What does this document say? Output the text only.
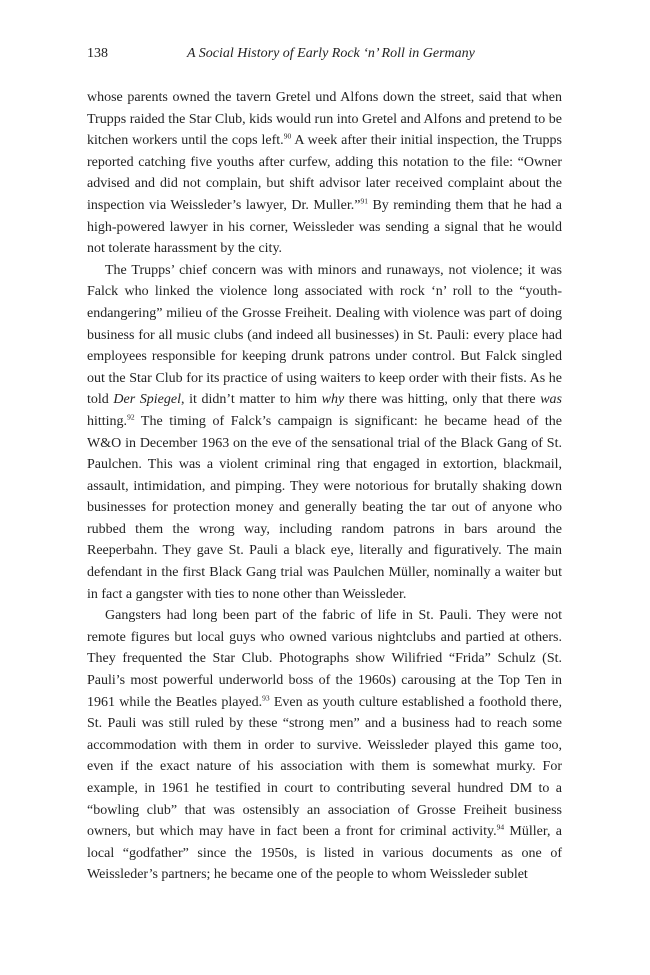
138	A Social History of Early Rock ‘n’ Roll in Germany

whose parents owned the tavern Gretel und Alfons down the street, said that when Trupps raided the Star Club, kids would run into Gretel and Alfons and pretend to be kitchen workers until the cops left.$^{90}$ A week after their initial inspection, the Trupps reported catching five youths after curfew, adding this notation to the file: “Owner advised and did not complain, but shift advisor later received complaint about the inspection via Weissleder’s lawyer, Dr. Muller.”$^{91}$ By reminding them that he had a high-powered lawyer in his corner, Weissleder was sending a signal that he would not tolerate harassment by the city.

The Trupps’ chief concern was with minors and runaways, not violence; it was Falck who linked the violence long associated with rock ‘n’ roll to the “youth-endangering” milieu of the Grosse Freiheit. Dealing with violence was part of doing business for all music clubs (and indeed all businesses) in St. Pauli: every place had employees responsible for keeping drunk patrons under control. But Falck singled out the Star Club for its practice of using waiters to keep order with their fists. As he told Der Spiegel, it didn’t matter to him why there was hitting, only that there was hitting.$^{92}$ The timing of Falck’s campaign is significant: he became head of the W&O in December 1963 on the eve of the sensational trial of the Black Gang of St. Paulchen. This was a violent criminal ring that engaged in extortion, blackmail, assault, intimidation, and pimping. They were notorious for brutally shaking down businesses for protection money and generally beating the tar out of anyone who rubbed them the wrong way, including random patrons in bars around the Reeperbahn. They gave St. Pauli a black eye, literally and figuratively. The main defendant in the first Black Gang trial was Paulchen Müller, nominally a waiter but in fact a gangster with ties to none other than Weissleder.

Gangsters had long been part of the fabric of life in St. Pauli. They were not remote figures but local guys who owned various nightclubs and partied at others. They frequented the Star Club. Photographs show Wilifried “Frida” Schulz (St. Pauli’s most powerful underworld boss of the 1960s) carousing at the Top Ten in 1961 while the Beatles played.$^{93}$ Even as youth culture established a foothold there, St. Pauli was still ruled by these “strong men” and a business had to reach some accommodation with them in order to survive. Weissleder played this game too, even if the exact nature of his association with them is somewhat murky. For example, in 1961 he testified in court to contributing several hundred DM to a “bowling club” that was ostensibly an association of Grosse Freiheit business owners, but which may have in fact been a front for criminal activity.$^{94}$ Müller, a local “godfather” since the 1950s, is listed in various documents as one of Weissleder’s partners; he became one of the people to whom Weissleder sublet
